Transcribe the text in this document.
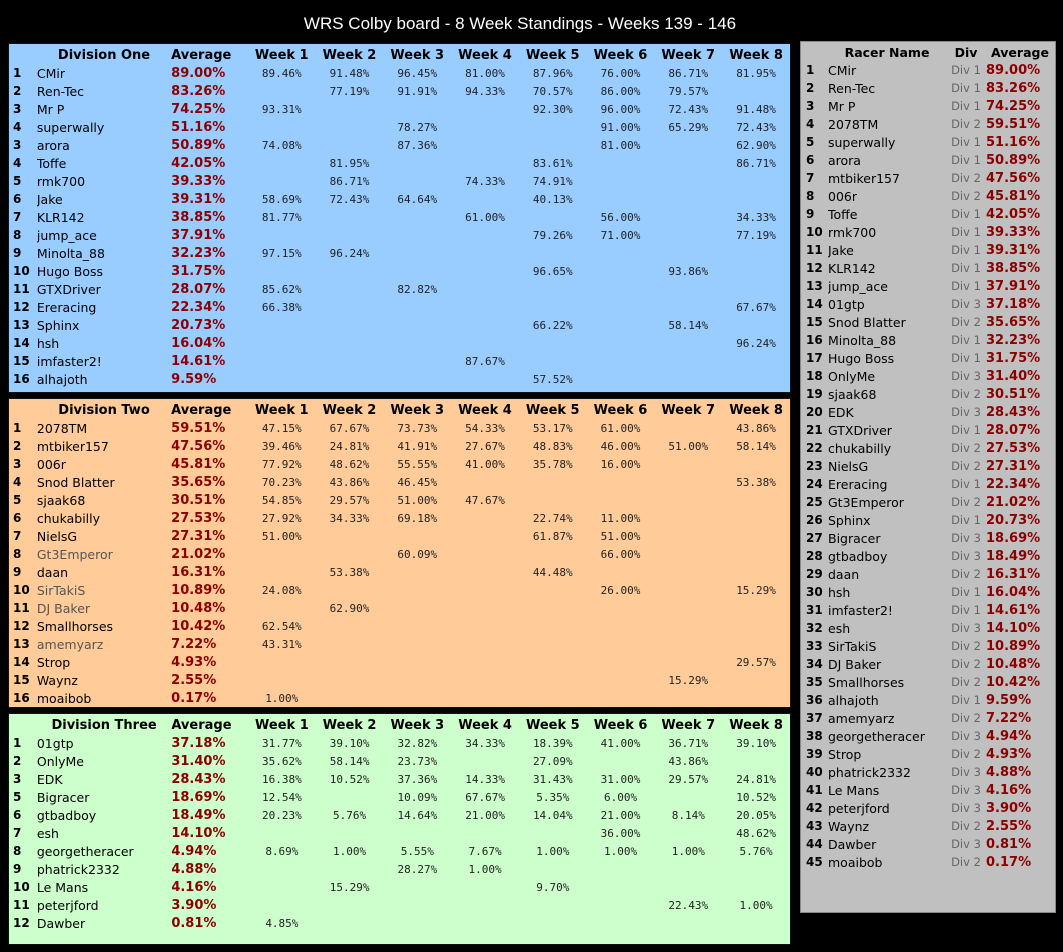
WRS Colby board - 8 Week Standings - Weeks 139 - 146
	Division One	Average	Week 1	Week 2	Week 3	Week 4	Week 5	Week 6	Week 7	Week 8
1	CMir	89.00%	89.46%	91.48%	96.45%	81.00%	87.96%	76.00%	86.71%	81.95%
2	Ren-Tec	83.26%		77.19%	91.91%	94.33%	70.57%	86.00%	79.57%	
3	Mr P	74.25%	93.31%				92.30%	96.00%	72.43%	91.48%
4	superwally	51.16%			78.27%			91.00%	65.29%	72.43%
3	arora	50.89%	74.08%		87.36%			81.00%		62.90%
4	Toffe	42.05%		81.95%			83.61%			86.71%
5	rmk700	39.33%		86.71%		74.33%	74.91%			
6	Jake	39.31%	58.69%	72.43%	64.64%		40.13%			
7	KLR142	38.85%	81.77%			61.00%		56.00%		34.33%
8	jump_ace	37.91%					79.26%	71.00%		77.19%
9	Minolta_88	32.23%	97.15%	96.24%						
10	Hugo Boss	31.75%					96.65%		93.86%	
11	GTXDriver	28.07%	85.62%		82.82%					
12	Ereracing	22.34%	66.38%							67.67%
13	Sphinx	20.73%					66.22%		58.14%	
14	hsh	16.04%								96.24%
15	imfaster2!	14.61%				87.67%				
16	alhajoth	9.59%					57.52%			
	Division Two	Average	Week 1	Week 2	Week 3	Week 4	Week 5	Week 6	Week 7	Week 8
1	2078TM	59.51%	47.15%	67.67%	73.73%	54.33%	53.17%	61.00%		43.86%
2	mtbiker157	47.56%	39.46%	24.81%	41.91%	27.67%	48.83%	46.00%	51.00%	58.14%
3	006r	45.81%	77.92%	48.62%	55.55%	41.00%	35.78%	16.00%		
4	Snod Blatter	35.65%	70.23%	43.86%	46.45%					53.38%
5	sjaak68	30.51%	54.85%	29.57%	51.00%	47.67%				
6	chukabilly	27.53%	27.92%	34.33%	69.18%		22.74%	11.00%		
7	NielsG	27.31%	51.00%				61.87%	51.00%		
8	Gt3Emperor	21.02%			60.09%			66.00%		
9	daan	16.31%		53.38%			44.48%			
10	SirTakiS	10.89%	24.08%					26.00%		15.29%
11	DJ Baker	10.48%		62.90%						
12	Smallhorses	10.42%	62.54%							
13	amemyarz	7.22%	43.31%							
14	Strop	4.93%								29.57%
15	Waynz	2.55%							15.29%	
16	moaibob	0.17%	1.00%							
	Division Three	Average	Week 1	Week 2	Week 3	Week 4	Week 5	Week 6	Week 7	Week 8
1	01gtp	37.18%	31.77%	39.10%	32.82%	34.33%	18.39%	41.00%	36.71%	39.10%
2	OnlyMe	31.40%	35.62%	58.14%	23.73%		27.09%		43.86%	
3	EDK	28.43%	16.38%	10.52%	37.36%	14.33%	31.43%	31.00%	29.57%	24.81%
5	Bigracer	18.69%	12.54%		10.09%	67.67%	5.35%	6.00%		10.52%
6	gtbadboy	18.49%	20.23%	5.76%	14.64%	21.00%	14.04%	21.00%	8.14%	20.05%
7	esh	14.10%						36.00%		48.62%
8	georgetheracer	4.94%	8.69%	1.00%	5.55%	7.67%	1.00%	1.00%	1.00%	5.76%
9	phatrick2332	4.88%			28.27%	1.00%				
10	Le Mans	4.16%		15.29%			9.70%			
11	peterjford	3.90%							22.43%	1.00%
12	Dawber	0.81%	4.85%							
	Racer Name	Div	Average
1	CMir	Div 1	89.00%
2	Ren-Tec	Div 1	83.26%
3	Mr P	Div 1	74.25%
4	2078TM	Div 2	59.51%
5	superwally	Div 1	51.16%
6	arora	Div 1	50.89%
7	mtbiker157	Div 2	47.56%
8	006r	Div 2	45.81%
9	Toffe	Div 1	42.05%
10	rmk700	Div 1	39.33%
11	Jake	Div 1	39.31%
12	KLR142	Div 1	38.85%
13	jump_ace	Div 1	37.91%
14	01gtp	Div 3	37.18%
15	Snod Blatter	Div 2	35.65%
16	Minolta_88	Div 1	32.23%
17	Hugo Boss	Div 1	31.75%
18	OnlyMe	Div 3	31.40%
19	sjaak68	Div 2	30.51%
20	EDK	Div 3	28.43%
21	GTXDriver	Div 1	28.07%
22	chukabilly	Div 2	27.53%
23	NielsG	Div 2	27.31%
24	Ereracing	Div 1	22.34%
25	Gt3Emperor	Div 2	21.02%
26	Sphinx	Div 1	20.73%
27	Bigracer	Div 3	18.69%
28	gtbadboy	Div 3	18.49%
29	daan	Div 2	16.31%
30	hsh	Div 1	16.04%
31	imfaster2!	Div 1	14.61%
32	esh	Div 3	14.10%
33	SirTakiS	Div 2	10.89%
34	DJ Baker	Div 2	10.48%
35	Smallhorses	Div 2	10.42%
36	alhajoth	Div 1	9.59%
37	amemyarz	Div 2	7.22%
38	georgetheracer	Div 3	4.94%
39	Strop	Div 2	4.93%
40	phatrick2332	Div 3	4.88%
41	Le Mans	Div 3	4.16%
42	peterjford	Div 3	3.90%
43	Waynz	Div 2	2.55%
44	Dawber	Div 3	0.81%
45	moaibob	Div 2	0.17%
